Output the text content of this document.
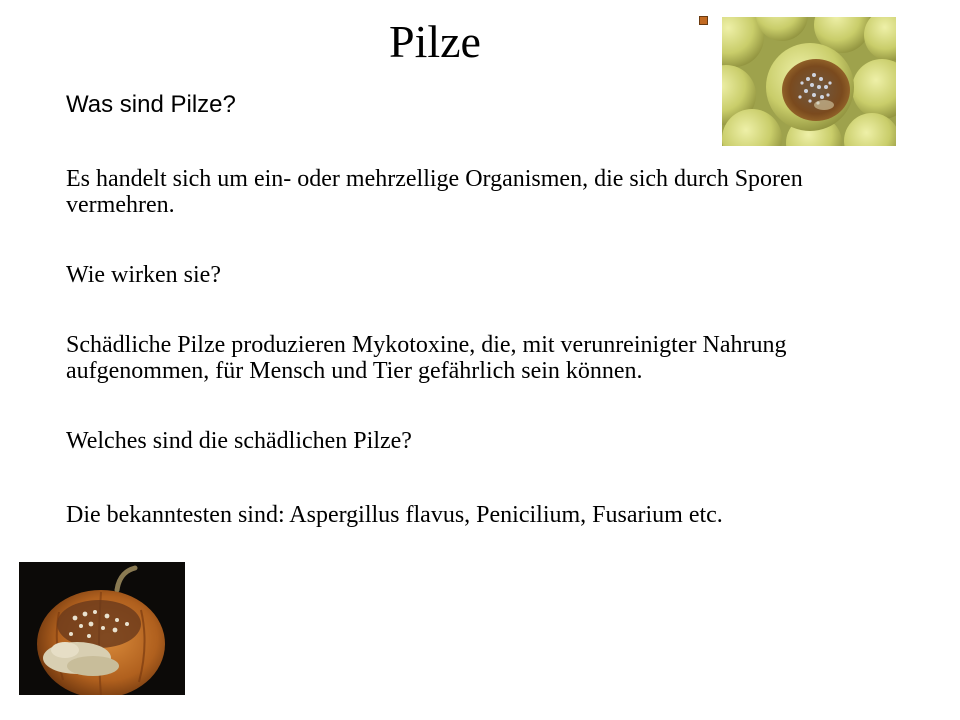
Pilze
Was sind Pilze?
Es handelt sich um ein- oder mehrzellige Organismen, die sich durch Sporen vermehren.
Wie wirken sie?
Schädliche Pilze produzieren Mykotoxine, die, mit verunreinigter Nahrung aufgenommen, für Mensch und Tier gefährlich sein können.
Welches sind die schädlichen Pilze?
Die bekanntesten sind: Aspergillus flavus, Penicilium, Fusarium etc.
